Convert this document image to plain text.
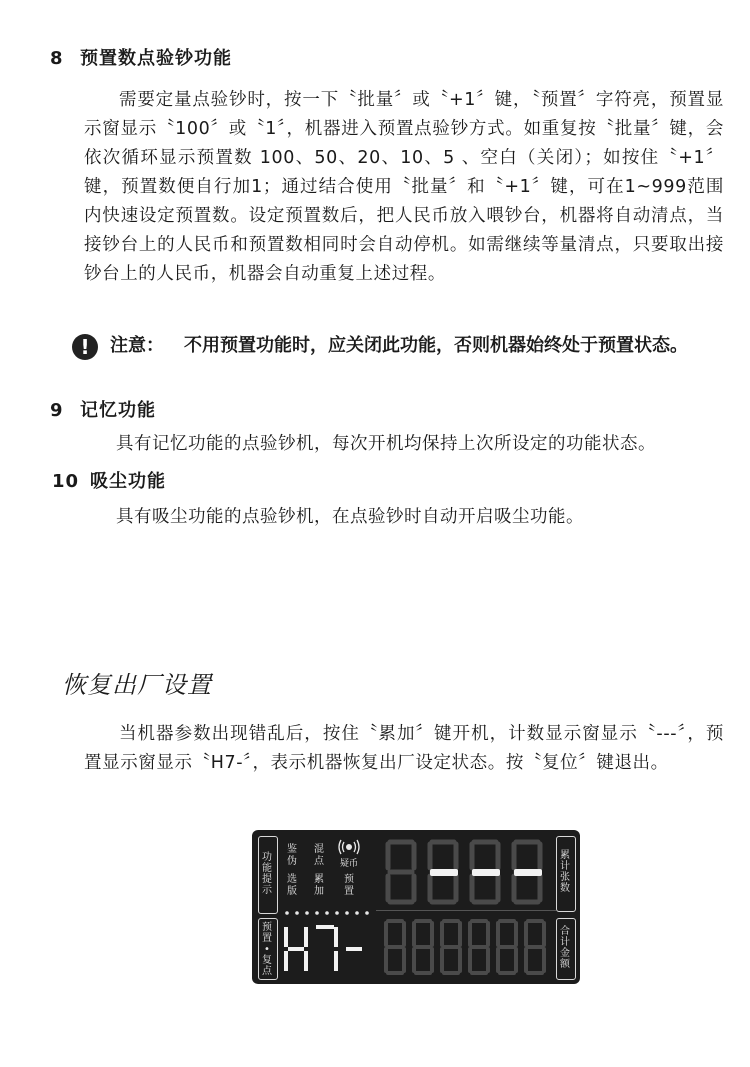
8 预置数点验钞功能

需要定量点验钞时，按一下〝批量〞或〝+1〞键，〝预置〞字符亮，预置显示窗显示〝100〞或〝1〞，机器进入预置点验钞方式。如重复按〝批量〞键，会依次循环显示预置数 100、50、20、10、5 、空白（关闭）；如按住〝+1〞键，预置数便自行加1；通过结合使用〝批量〞和〝+1〞键，可在1~999范围内快速设定预置数。设定预置数后，把人民币放入喂钞台，机器将自动清点，当接钞台上的人民币和预置数相同时会自动停机。如需继续等量清点，只要取出接钞台上的人民币，机器会自动重复上述过程。

!	注意： 不用预置功能时，应关闭此功能，否则机器始终处于预置状态。
9 记忆功能
具有记忆功能的点验钞机，每次开机均保持上次所设定的功能状态。
10 吸尘功能
具有吸尘功能的点验钞机，在点验钞时自动开启吸尘功能。
恢复出厂设置

当机器参数出现错乱后，按住〝累加〞键开机，计数显示窗显示〝---〞，预置显示窗显示〝H7-〞，表示机器恢复出厂设定状态。按〝复位〞键退出。

功能提示
预置•复点
鉴伪
选版
混点
累加
疑币
预置
累计张数
合计金额
